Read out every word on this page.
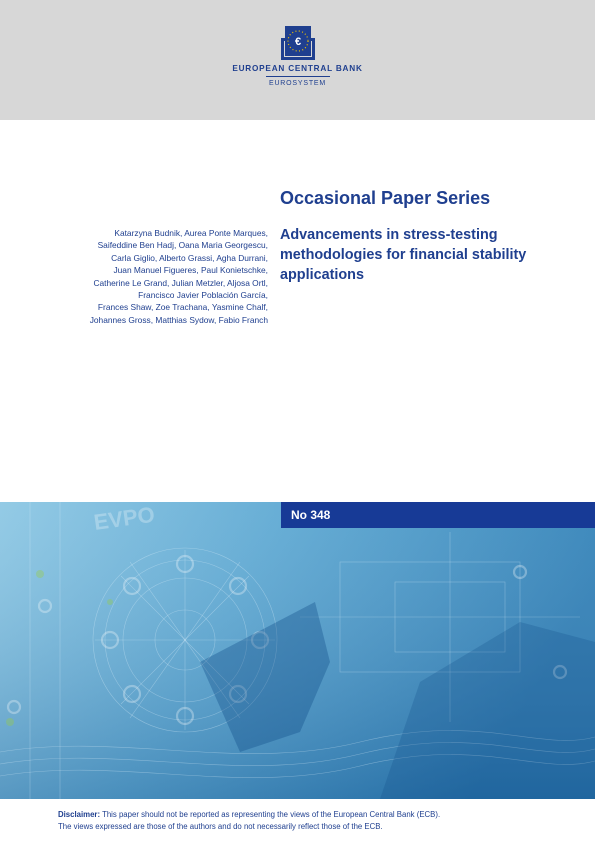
€
EUROPEAN CENTRAL BANK
EUROSYSTEM
Occasional Paper Series
Advancements in stress-testing methodologies for financial stability applications
Katarzyna Budnik, Aurea Ponte Marques,
Saifeddine Ben Hadj, Oana Maria Georgescu,
Carla Giglio, Alberto Grassi, Agha Durrani,
Juan Manuel Figueres, Paul Konietschke,
Catherine Le Grand, Julian Metzler, Aljosa Ortl,
Francisco Javier Población García,
Frances Shaw, Zoe Trachana, Yasmine Chalf,
Johannes Gross, Matthias Sydow, Fabio Franch
EVPO	No 348
Disclaimer: This paper should not be reported as representing the views of the European Central Bank (ECB).
The views expressed are those of the authors and do not necessarily reflect those of the ECB.
